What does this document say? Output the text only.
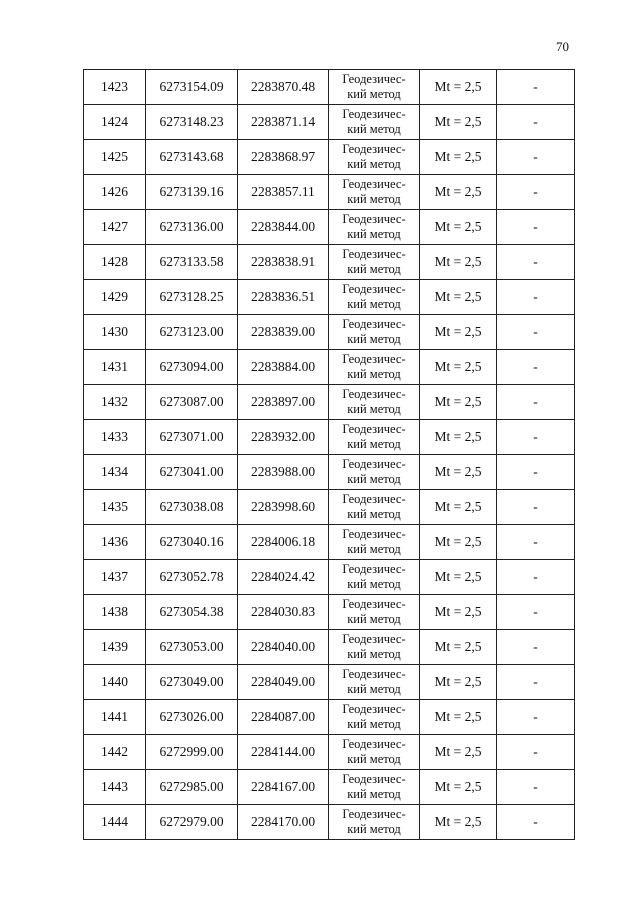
70
1423	6273154.09	2283870.48	Геодезичес-
кий метод	Mt = 2,5	-
1424	6273148.23	2283871.14	Геодезичес-
кий метод	Mt = 2,5	-
1425	6273143.68	2283868.97	Геодезичес-
кий метод	Mt = 2,5	-
1426	6273139.16	2283857.11	Геодезичес-
кий метод	Mt = 2,5	-
1427	6273136.00	2283844.00	Геодезичес-
кий метод	Mt = 2,5	-
1428	6273133.58	2283838.91	Геодезичес-
кий метод	Mt = 2,5	-
1429	6273128.25	2283836.51	Геодезичес-
кий метод	Mt = 2,5	-
1430	6273123.00	2283839.00	Геодезичес-
кий метод	Mt = 2,5	-
1431	6273094.00	2283884.00	Геодезичес-
кий метод	Mt = 2,5	-
1432	6273087.00	2283897.00	Геодезичес-
кий метод	Mt = 2,5	-
1433	6273071.00	2283932.00	Геодезичес-
кий метод	Mt = 2,5	-
1434	6273041.00	2283988.00	Геодезичес-
кий метод	Mt = 2,5	-
1435	6273038.08	2283998.60	Геодезичес-
кий метод	Mt = 2,5	-
1436	6273040.16	2284006.18	Геодезичес-
кий метод	Mt = 2,5	-
1437	6273052.78	2284024.42	Геодезичес-
кий метод	Mt = 2,5	-
1438	6273054.38	2284030.83	Геодезичес-
кий метод	Mt = 2,5	-
1439	6273053.00	2284040.00	Геодезичес-
кий метод	Mt = 2,5	-
1440	6273049.00	2284049.00	Геодезичес-
кий метод	Mt = 2,5	-
1441	6273026.00	2284087.00	Геодезичес-
кий метод	Mt = 2,5	-
1442	6272999.00	2284144.00	Геодезичес-
кий метод	Mt = 2,5	-
1443	6272985.00	2284167.00	Геодезичес-
кий метод	Mt = 2,5	-
1444	6272979.00	2284170.00	Геодезичес-
кий метод	Mt = 2,5	-
